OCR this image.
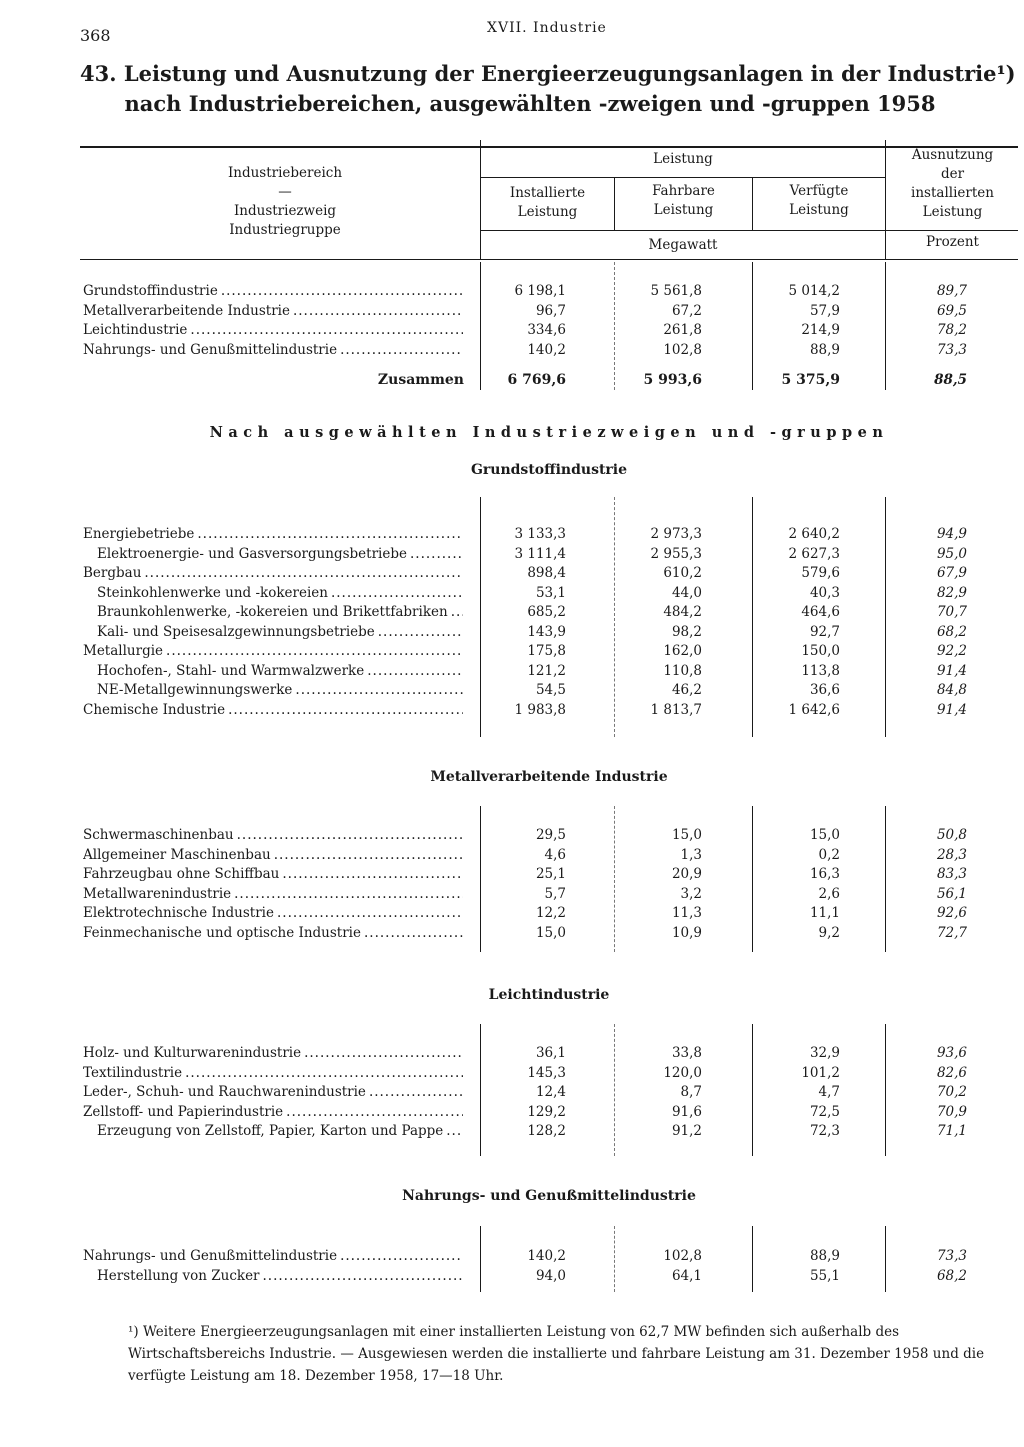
368	XVII. Industrie
43. Leistung und Ausnutzung der Energieerzeugungsanlagen in der Industrie¹)
nach Industriebereichen, ausgewählten -zweigen und -gruppen 1958
Industriebereich
—
Industriezweig
Industriegruppe
Leistung
Installierte
Leistung
Fahrbare
Leistung
Verfügte
Leistung
Ausnutzung
der
installierten
Leistung
Megawatt	Prozent
Grundstoffindustrie .....	6 198,1	5 561,8	5 014,2	89,7
Metallverarbeitende Industrie .....	96,7	67,2	57,9	69,5
Leichtindustrie .....	334,6	261,8	214,9	78,2
Nahrungs- und Genußmittelindustrie .....	140,2	102,8	88,9	73,3
Zusammen	6 769,6	5 993,6	5 375,9	88,5
Nach ausgewählten Industriezweigen und -gruppen
Grundstoffindustrie
Energiebetriebe .....	3 133,3	2 973,3	2 640,2	94,9
Elektroenergie- und Gasversorgungsbetriebe .....	3 111,4	2 955,3	2 627,3	95,0
Bergbau .....	898,4	610,2	579,6	67,9
Steinkohlenwerke und -kokereien .....	53,1	44,0	40,3	82,9
Braunkohlenwerke, -kokereien und Brikettfabriken .....	685,2	484,2	464,6	70,7
Kali- und Speisesalzgewinnungsbetriebe .....	143,9	98,2	92,7	68,2
Metallurgie .....	175,8	162,0	150,0	92,2
Hochofen-, Stahl- und Warmwalzwerke .....	121,2	110,8	113,8	91,4
NE-Metallgewinnungswerke .....	54,5	46,2	36,6	84,8
Chemische Industrie .....	1 983,8	1 813,7	1 642,6	91,4
Metallverarbeitende Industrie
Schwermaschinenbau .....	29,5	15,0	15,0	50,8
Allgemeiner Maschinenbau .....	4,6	1,3	0,2	28,3
Fahrzeugbau ohne Schiffbau .....	25,1	20,9	16,3	83,3
Metallwarenindustrie .....	5,7	3,2	2,6	56,1
Elektrotechnische Industrie .....	12,2	11,3	11,1	92,6
Feinmechanische und optische Industrie .....	15,0	10,9	9,2	72,7
Leichtindustrie
Holz- und Kulturwarenindustrie .....	36,1	33,8	32,9	93,6
Textilindustrie .....	145,3	120,0	101,2	82,6
Leder-, Schuh- und Rauchwarenindustrie .....	12,4	8,7	4,7	70,2
Zellstoff- und Papierindustrie .....	129,2	91,6	72,5	70,9
Erzeugung von Zellstoff, Papier, Karton und Pappe .....	128,2	91,2	72,3	71,1
Nahrungs- und Genußmittelindustrie
Nahrungs- und Genußmittelindustrie .....	140,2	102,8	88,9	73,3
Herstellung von Zucker .....	94,0	64,1	55,1	68,2
¹) Weitere Energieerzeugungsanlagen mit einer installierten Leistung von 62,7 MW befinden sich außerhalb des Wirtschaftsbereichs Industrie. — Ausgewiesen werden die installierte und fahrbare Leistung am 31. Dezember 1958 und die verfügte Leistung am 18. Dezember 1958, 17—18 Uhr.
